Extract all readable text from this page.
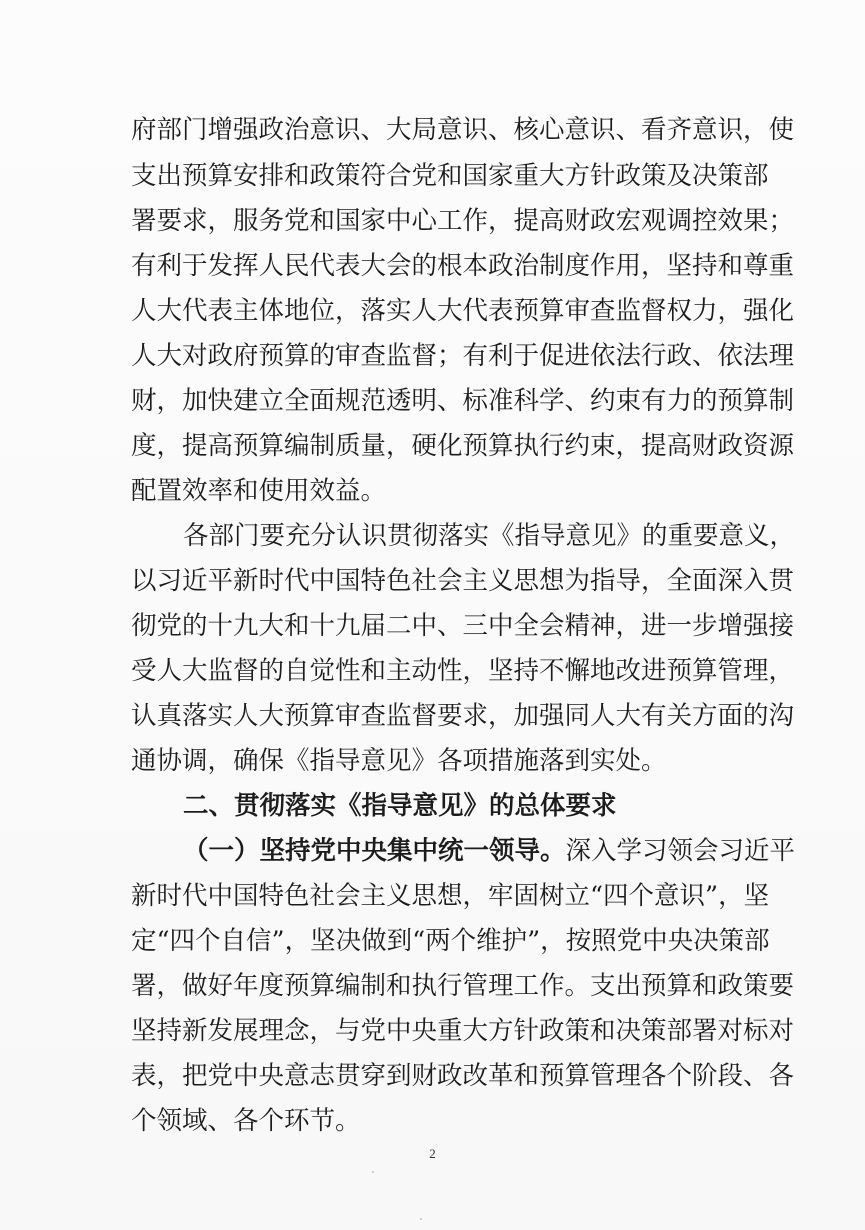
府部门增强政治意识、大局意识、核心意识、看齐意识，使
支出预算安排和政策符合党和国家重大方针政策及决策部
署要求，服务党和国家中心工作，提高财政宏观调控效果；
有利于发挥人民代表大会的根本政治制度作用，坚持和尊重
人大代表主体地位，落实人大代表预算审查监督权力，强化
人大对政府预算的审查监督；有利于促进依法行政、依法理
财，加快建立全面规范透明、标准科学、约束有力的预算制
度，提高预算编制质量，硬化预算执行约束，提高财政资源
配置效率和使用效益。
各部门要充分认识贯彻落实《指导意见》的重要意义，
以习近平新时代中国特色社会主义思想为指导，全面深入贯
彻党的十九大和十九届二中、三中全会精神，进一步增强接
受人大监督的自觉性和主动性，坚持不懈地改进预算管理，
认真落实人大预算审查监督要求，加强同人大有关方面的沟
通协调，确保《指导意见》各项措施落到实处。
二、贯彻落实《指导意见》的总体要求
（一）坚持党中央集中统一领导。深入学习领会习近平
新时代中国特色社会主义思想，牢固树立“四个意识”，坚
定“四个自信”，坚决做到“两个维护”，按照党中央决策部
署，做好年度预算编制和执行管理工作。支出预算和政策要
坚持新发展理念，与党中央重大方针政策和决策部署对标对
表，把党中央意志贯穿到财政改革和预算管理各个阶段、各
个领域、各个环节。
2
